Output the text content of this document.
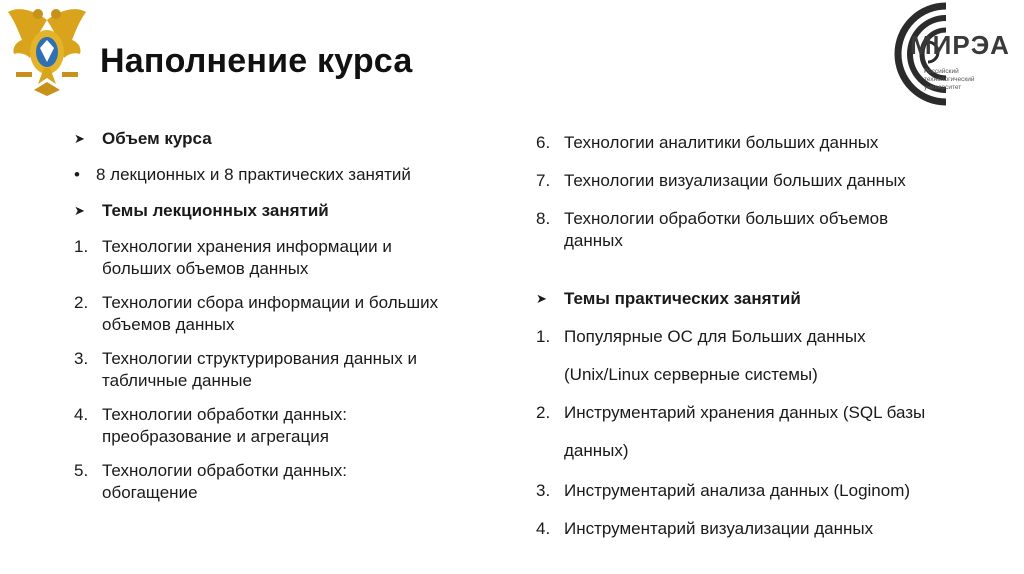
Наполнение курса	МИРЭА
Российский технологический университет
➤	Объем курса
• 8 лекционных и 8 практических занятий
➤	Темы лекционных занятий
1. Технологии хранения информации и больших объемов данных
2. Технологии сбора информации и больших объемов данных
3. Технологии структурирования данных и табличные данные
4. Технологии обработки данных: преобразование и агрегация
5. Технологии обработки данных: обогащение
6. Технологии аналитики больших данных
7. Технологии визуализации больших данных
8. Технологии обработки больших объемов данных
➤	Темы практических занятий
1. Популярные ОС для Больших данных
(Unix/Linux серверные системы)
2. Инструментарий хранения данных (SQL базы
данных)
3. Инструментарий анализа данных (Loginom)
4. Инструментарий визуализации данных
